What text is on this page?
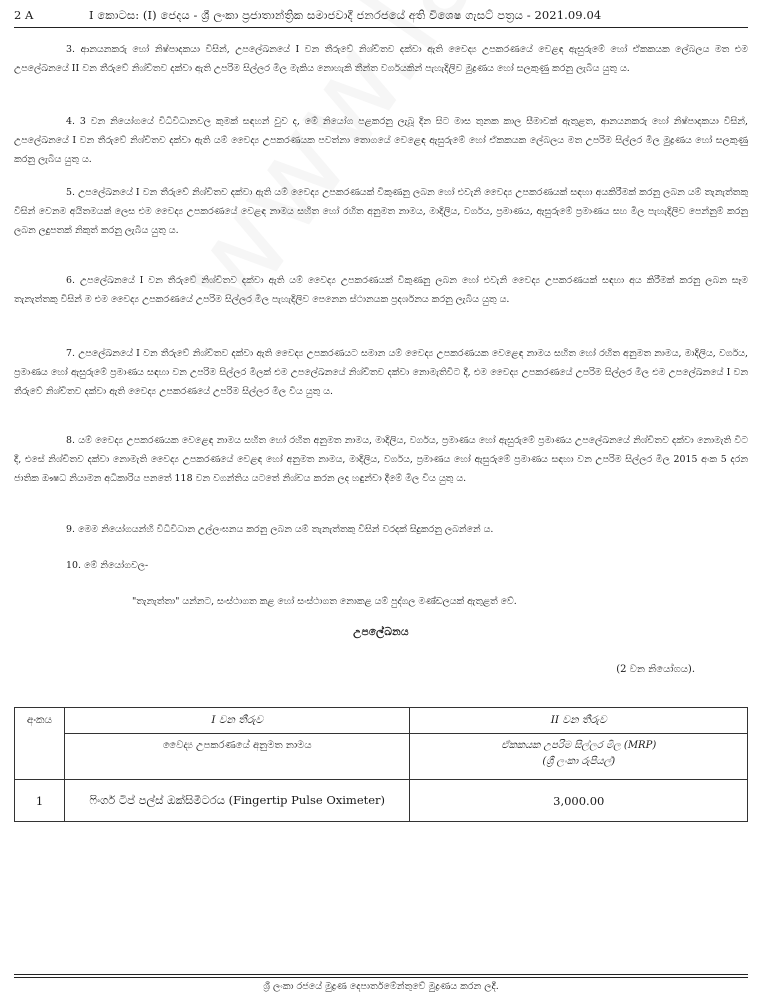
2 A	I කොටස: (I) ජෙදය - ශ්‍රී ලංකා ප්‍රජාතාන්ත්‍රික සමාජවාදී ජනරජයේ අති විශෙෂ ගැසට් පත්‍රය - 2021.09.04

3. ආනයනකරු හෝ නිෂ්පාදකයා විසින්, උපලේඛනයේ I වන තීරුවේ නිශ්චිතව දක්වා ඇති වෛද්‍ය උපකරණයේ වෙළඳ ඇසුරුමේ හෝ ඒකකයක ලේබලය මත එම උපලේඛනයේ II වන තීරුවේ නිශ්චිතව දක්වා ඇති උපරිම සිල්ලර මිල මැකිය නොහැකි තීන්ත වර්ගයකින් පැහැදිලිව මුද්‍රණය හෝ සලකුණු කරනු ලැබිය යුතු ය.

4. 3 වන නියෝගයේ විධිවිධානවල කුමක් සඳහන් වුව ද, මේ නියෝග පළකරනු ලැබූ දින සිට මාස තුනක කාල සීමාවක් ඇතුළත, ආනයනකරු හෝ නිෂ්පාදකයා විසින්, උපලේඛනයේ I වන තීරුවේ නිශ්චිතව දක්වා ඇති යම් වෛද්‍ය උපකරණයක පවත්නා තොගයේ වෙළෙඳ ඇසුරුමේ හෝ ඒකකයක ලේබලය මත උපරිම සිල්ලර මිල මුද්‍රණය හෝ සලකුණු කරනු ලැබිය යුතු ය.

5. උපලේඛනයේ I වන තීරුවේ නිශ්චිතව දක්වා ඇති යම් වෛද්‍ය උපකරණයක් විකුණනු ලබන හෝ එවැනි වෛද්‍ය උපකරණයක් සඳහා අයකිරීමක් කරනු ලබන යම් තැනැත්තකු විසින් වෙනම අයිතමයක් ලෙස එම වෛද්‍ය උපකරණයේ වෙළඳ නාමය සහිත හෝ රහිත අනුමත නාමය, මාදිලිය, වර්ගය, ප්‍රමාණය, ඇසුරුමේ ප්‍රමාණය සහ මිල පැහැදිලිව පෙන්නුම් කරනු ලබන ලදුපතක් නිකුත් කරනු ලැබිය යුතු ය.

6. උපලේඛනයේ I වන තීරුවේ නිශ්චිතව දක්වා ඇති යම් වෛද්‍ය උපකරණයක් විකුණනු ලබන හෝ එවැනි වෛද්‍ය උපකරණයක් සඳහා අය කිරීමක් කරනු ලබන සෑම තැනැත්තකු විසින් ම එම වෛද්‍ය උපකරණයේ උපරිම සිල්ලර මිල පැහැදිලිව පෙනෙන ස්ථානයක ප්‍රදර්ශනය කරනු ලැබිය යුතු ය.

7. උපලේඛනයේ I වන තීරුවේ නිශ්චිතව දක්වා ඇති වෛද්‍ය උපකරණයට සමාන යම් වෛද්‍ය උපකරණයක වෙළෙඳ නාමය සහිත හෝ රහිත අනුමත නාමය, මාදිලිය, වර්ගය, ප්‍රමාණය හෝ ඇසුරුමේ ප්‍රමාණය සඳහා වන උපරිම සිල්ලර මිලක් එම උපලේඛනයේ නිශ්චිතව දක්වා නොමැතිවිට දී, එම වෛද්‍ය උපකරණයේ උපරිම සිල්ලර මිල එම උපලේඛනයේ I වන තීරුවේ නිශ්චිතව දක්වා ඇති වෛද්‍ය උපකරණයේ උපරිම සිල්ලර මිල විය යුතු ය.

8. යම් වෛද්‍ය උපකරණයක වෙළෙඳ නාමය සහිත හෝ රහිත අනුමත නාමය, මාදිලිය, වර්ගය, ප්‍රමාණය හෝ ඇසුරුමේ ප්‍රමාණය උපලේඛනයේ නිශ්චිතව දක්වා නොමැති විට දී, එසේ නිශ්චිතව දක්වා නොමැති වෛද්‍ය උපකරණයේ වෙළඳ හෝ අනුමත නාමය, මාදිලිය, වර්ගය, ප්‍රමාණය හෝ ඇසුරුමේ ප්‍රමාණය සඳහා වන උපරිම සිල්ලර මිල 2015 අංක 5 දරන ජාතික ඖෂධ නියාමන අධිකාරිය පනතේ 118 වන වගන්තිය යටතේ නිශ්චය කරන ලද හඳුන්වා දීමේ මිල විය යුතු ය.

9. මෙම නියෝගයන්හි විධිවිධාන උල්ලංඝනය කරනු ලබන යම් තැනැත්තකු විසින් වරදක් සිදුකරනු ලබන්නේ ය.

10. මේ නියෝගවල-

"තැනැත්තා" යන්නට, සංස්ථාගත කළ හෝ සංස්ථාගත නොකළ යම් පුද්ගල මණ්ඩලයක් ඇතුළත් වේ.

උපලේඛනය
(2 වන නියෝගය).
අංකය	I වන තීරුව	II වන තීරුව
	වෛද්‍ය උපකරණයේ අනුමත නාමය	ඒකකයක උපරිම සිල්ලර මිල (MRP)
(ශ්‍රී ලංකා රුපියල්)

1	ෆිංගර් ටිප් පල්ස් ඔක්සිමීටරය (Fingertip Pulse Oximeter)	3,000.00
ශ්‍රී ලංකා රජයේ මුද්‍රණ දෙපාර්තමේන්තුවේ මුද්‍රණය කරන ලදී.
